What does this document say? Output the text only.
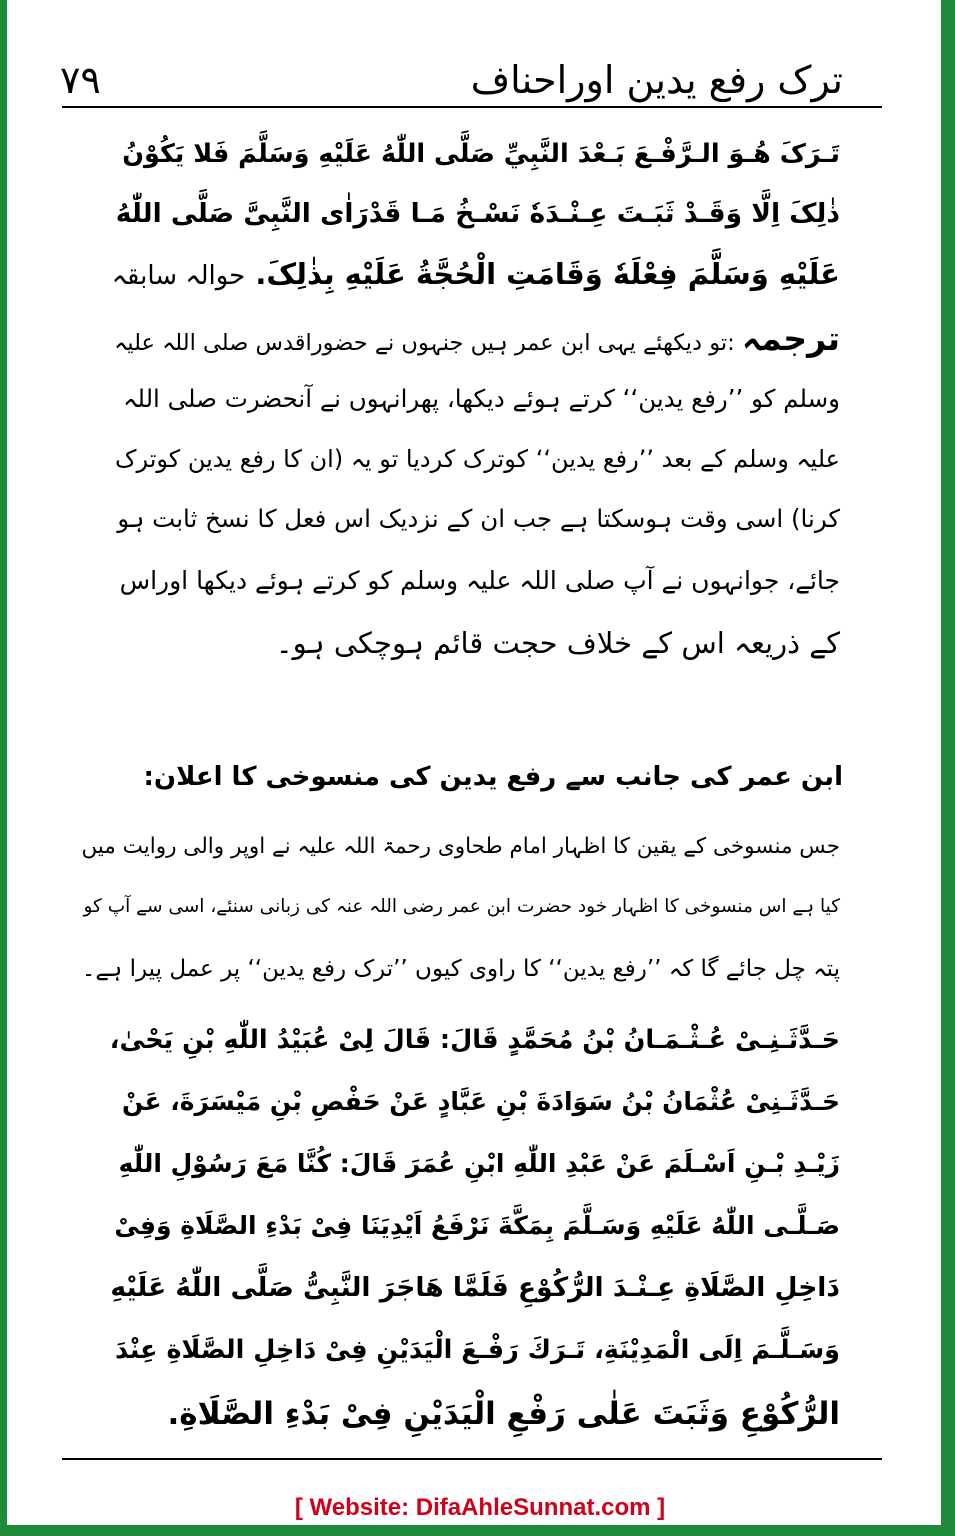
ترک رفع یدین اوراحناف
۷۹
تَـرَکَ هُـوَ الـرَّفْـعَ بَـعْدَ النَّبِيِّ صَلَّى اللّٰهُ عَلَيْهِ وَسَلَّمَ فَلا يَكُوْنُ
ذٰلِکَ اِلَّا وَقَـدْ ثَبَـتَ عِـنْـدَهٗ نَسْـخُ مَـا قَدْرَاٰی النَّبِیَّ صَلَّى اللّٰهُ
عَلَيْهِ وَسَلَّمَ فِعْلَهٗ وَقَامَتِ الْحُجَّةُ عَلَيْهِ بِذٰلِکَ. حوالہ سابقہ
ترجمہ :تو دیکھئے یہی ابن عمر ہیں جنہوں نے حضوراقدس صلی اللہ علیہ
وسلم کو ’’رفع یدین‘‘ کرتے ہوئے دیکھا، پھرانہوں نے آنحضرت صلی اللہ
علیہ وسلم کے بعد ’’رفع یدین‘‘ کوترک کردیا تو یہ (ان کا رفع یدین کوترک
کرنا) اسی وقت ہوسکتا ہے جب ان کے نزدیک اس فعل کا نسخ ثابت ہو
جائے، جوانہوں نے آپ صلی اللہ علیہ وسلم کو کرتے ہوئے دیکھا اوراس
کے ذریعہ اس کے خلاف حجت قائم ہوچکی ہو۔
ابن عمر کی جانب سے رفع یدین کی منسوخی کا اعلان:
جس منسوخی کے یقین کا اظہار امام طحاوی رحمۃ اللہ علیہ نے اوپر والی روایت میں
کیا ہے اس منسوخی کا اظہار خود حضرت ابن عمر رضی اللہ عنہ کی زبانی سنئے، اسی سے آپ کو
پتہ چل جائے گا کہ ’’رفع یدین‘‘ کا راوی کیوں ’’ترک رفع یدین‘‘ پر عمل پیرا ہے۔
حَـدَّثَـنِـیْ عُـثْـمَـانُ بْنُ مُحَمَّدٍ قَالَ: قَالَ لِیْ عُبَيْدُ اللّٰهِ بْنِ يَحْىٰ،
حَـدَّثَـنِیْ عُثْمَانُ بْنُ سَوَادَةَ بْنِ عَبَّادٍ عَنْ حَفْصِ بْنِ مَيْسَرَةَ، عَنْ
زَيْـدِ بْـنِ اَسْـلَمَ عَنْ عَبْدِ اللّٰهِ ابْنِ عُمَرَ قَالَ: كُنَّا مَعَ رَسُوْلِ اللّٰهِ
صَـلَّـى اللّٰهُ عَلَيْهِ وَسَـلَّمَ بِمَكَّةَ نَرْفَعُ اَيْدِيَنَا فِیْ بَدْءِ الصَّلَاةِ وَفِیْ
دَاخِلِ الصَّلَاةِ عِـنْـدَ الرُّكُوْعِ فَلَمَّا هَاجَرَ النَّبِیُّ صَلَّى اللّٰهُ عَلَيْهِ
وَسَـلَّـمَ اِلَى الْمَدِيْنَةِ، تَـرَكَ رَفْـعَ الْيَدَيْنِ فِیْ دَاخِلِ الصَّلَاةِ عِنْدَ
الرُّكُوْعِ وَثَبَتَ عَلٰى رَفْعِ الْيَدَيْنِ فِیْ بَدْءِ الصَّلَاةِ.
[ Website: DifaAhleSunnat.com ]
